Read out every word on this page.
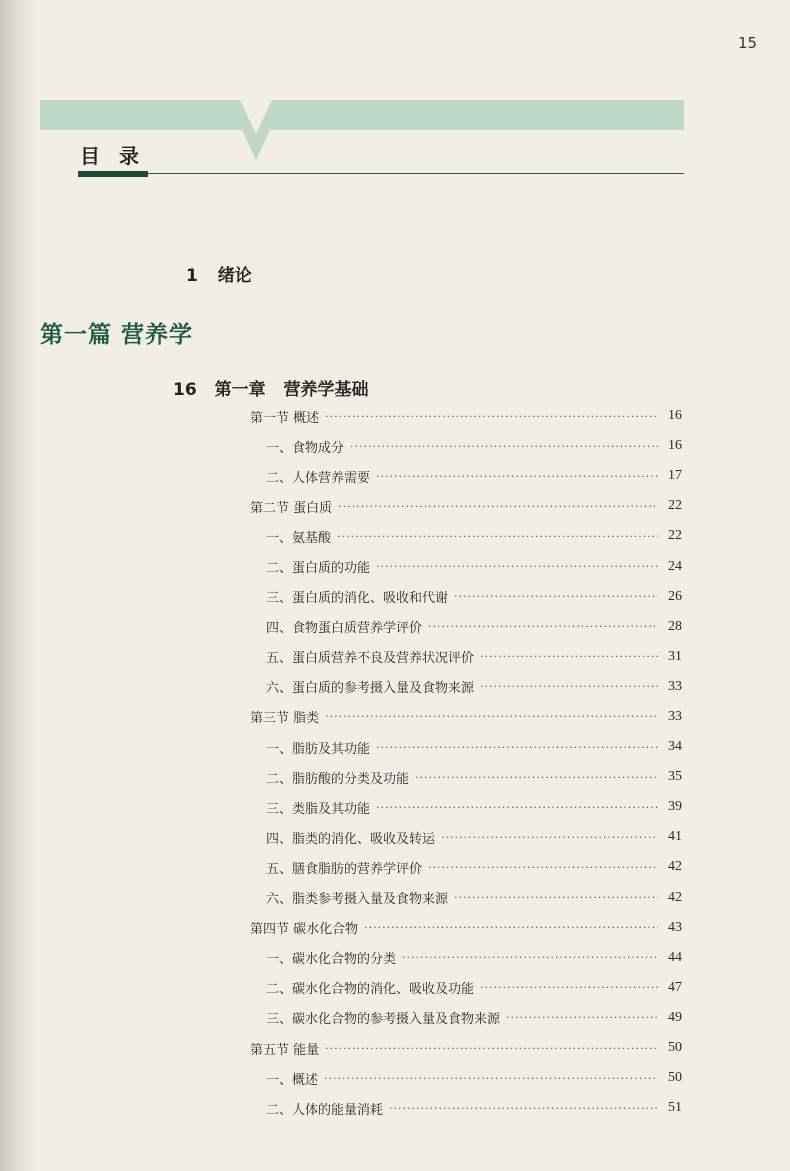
15
目 录
1 绪论
第一篇 营养学
16 第一章 营养学基础
第一节 概述 ·····	16
一、食物成分 ·····	16
二、人体营养需要 ·····	17
第二节 蛋白质 ·····	22
一、氨基酸 ·····	22
二、蛋白质的功能 ·····	24
三、蛋白质的消化、吸收和代谢 ·····	26
四、食物蛋白质营养学评价 ·····	28
五、蛋白质营养不良及营养状况评价 ·····	31
六、蛋白质的参考摄入量及食物来源 ·····	33
第三节 脂类 ·····	33
一、脂肪及其功能 ·····	34
二、脂肪酸的分类及功能 ·····	35
三、类脂及其功能 ·····	39
四、脂类的消化、吸收及转运 ·····	41
五、膳食脂肪的营养学评价 ·····	42
六、脂类参考摄入量及食物来源 ·····	42
第四节 碳水化合物 ·····	43
一、碳水化合物的分类 ·····	44
二、碳水化合物的消化、吸收及功能 ·····	47
三、碳水化合物的参考摄入量及食物来源 ·····	49
第五节 能量 ·····	50
一、概述 ·····	50
二、人体的能量消耗 ·····	51
